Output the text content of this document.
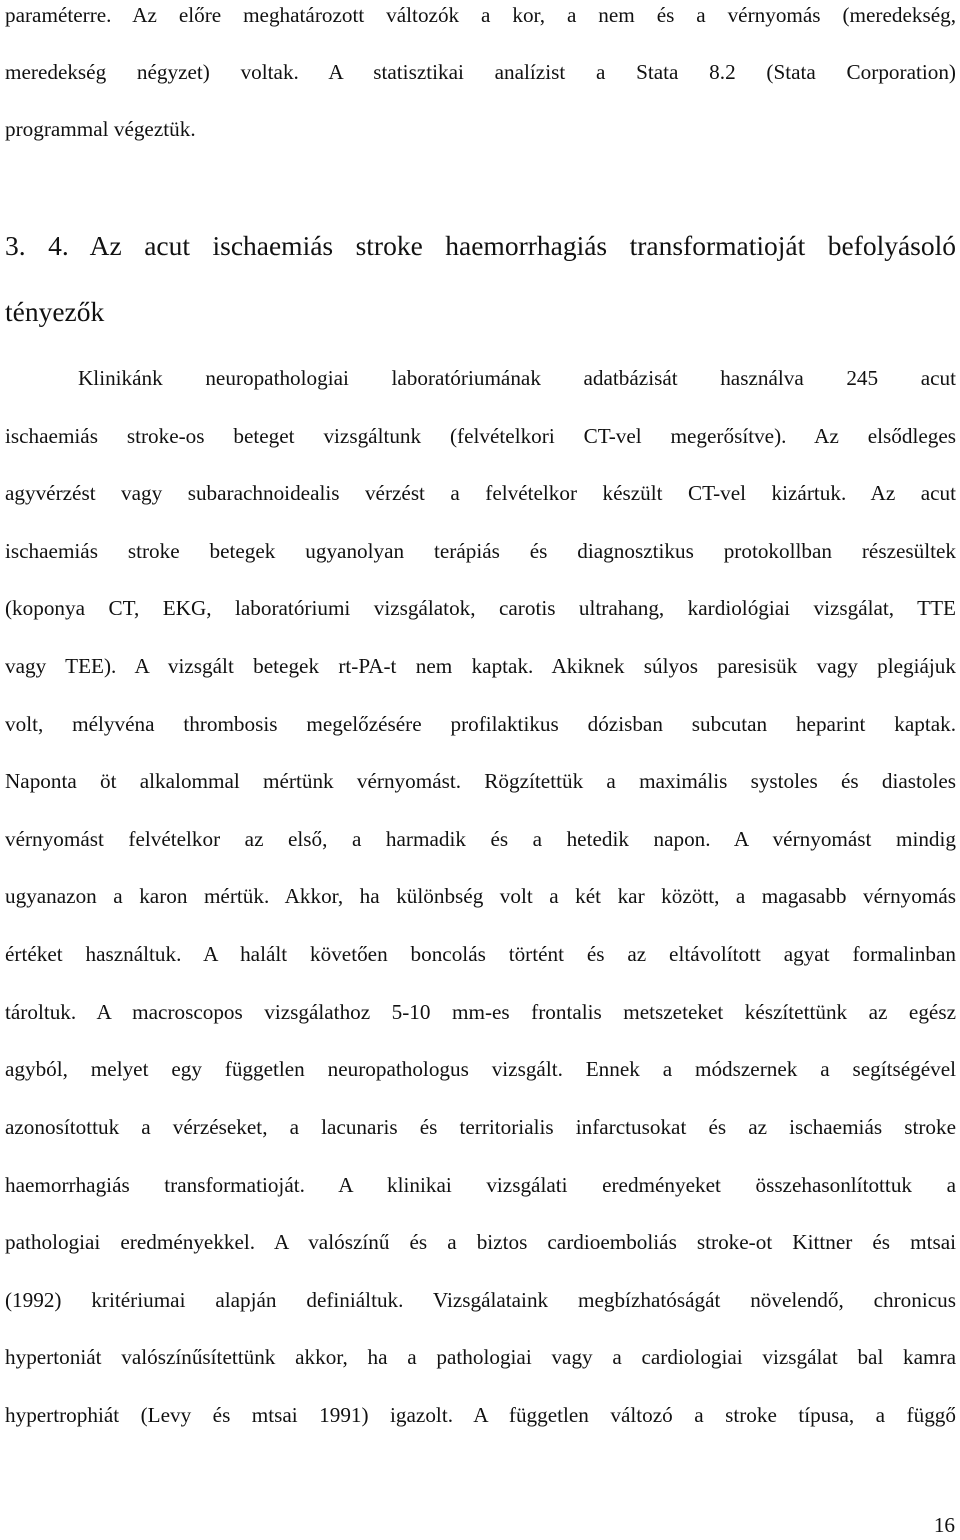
paraméterre. Az előre meghatározott változók a kor, a nem és a vérnyomás (meredekség,
meredekség négyzet) voltak. A statisztikai analízist a Stata 8.2 (Stata Corporation)
programmal végeztük.
3. 4. Az acut ischaemiás stroke haemorrhagiás transformatioját befolyásoló
tényezők
Klinikánk neuropathologiai laboratóriumának adatbázisát használva 245 acut
ischaemiás stroke-os beteget vizsgáltunk (felvételkori CT-vel megerősítve). Az elsődleges
agyvérzést vagy subarachnoidealis vérzést a felvételkor készült CT-vel kizártuk. Az acut
ischaemiás stroke betegek ugyanolyan terápiás és diagnosztikus protokollban részesültek
(koponya CT, EKG, laboratóriumi vizsgálatok, carotis ultrahang, kardiológiai vizsgálat, TTE
vagy TEE). A vizsgált betegek rt-PA-t nem kaptak. Akiknek súlyos paresisük vagy plegiájuk
volt, mélyvéna thrombosis megelőzésére profilaktikus dózisban subcutan heparint kaptak.
Naponta öt alkalommal mértünk vérnyomást. Rögzítettük a maximális systoles és diastoles
vérnyomást felvételkor az első, a harmadik és a hetedik napon. A vérnyomást mindig
ugyanazon a karon mértük. Akkor, ha különbség volt a két kar között, a magasabb vérnyomás
értéket használtuk. A halált követően boncolás történt és az eltávolított agyat formalinban
tároltuk. A macroscopos vizsgálathoz 5-10 mm-es frontalis metszeteket készítettünk az egész
agyból, melyet egy független neuropathologus vizsgált. Ennek a módszernek a segítségével
azonosítottuk a vérzéseket, a lacunaris és territorialis infarctusokat és az ischaemiás stroke
haemorrhagiás transformatioját. A klinikai vizsgálati eredményeket összehasonlítottuk a
pathologiai eredményekkel. A valószínű és a biztos cardioemboliás stroke-ot Kittner és mtsai
(1992) kritériumai alapján definiáltuk. Vizsgálataink megbízhatóságát növelendő, chronicus
hypertoniát valószínűsítettünk akkor, ha a pathologiai vagy a cardiologiai vizsgálat bal kamra
hypertrophiát (Levy és mtsai 1991) igazolt. A független változó a stroke típusa, a függő
16
